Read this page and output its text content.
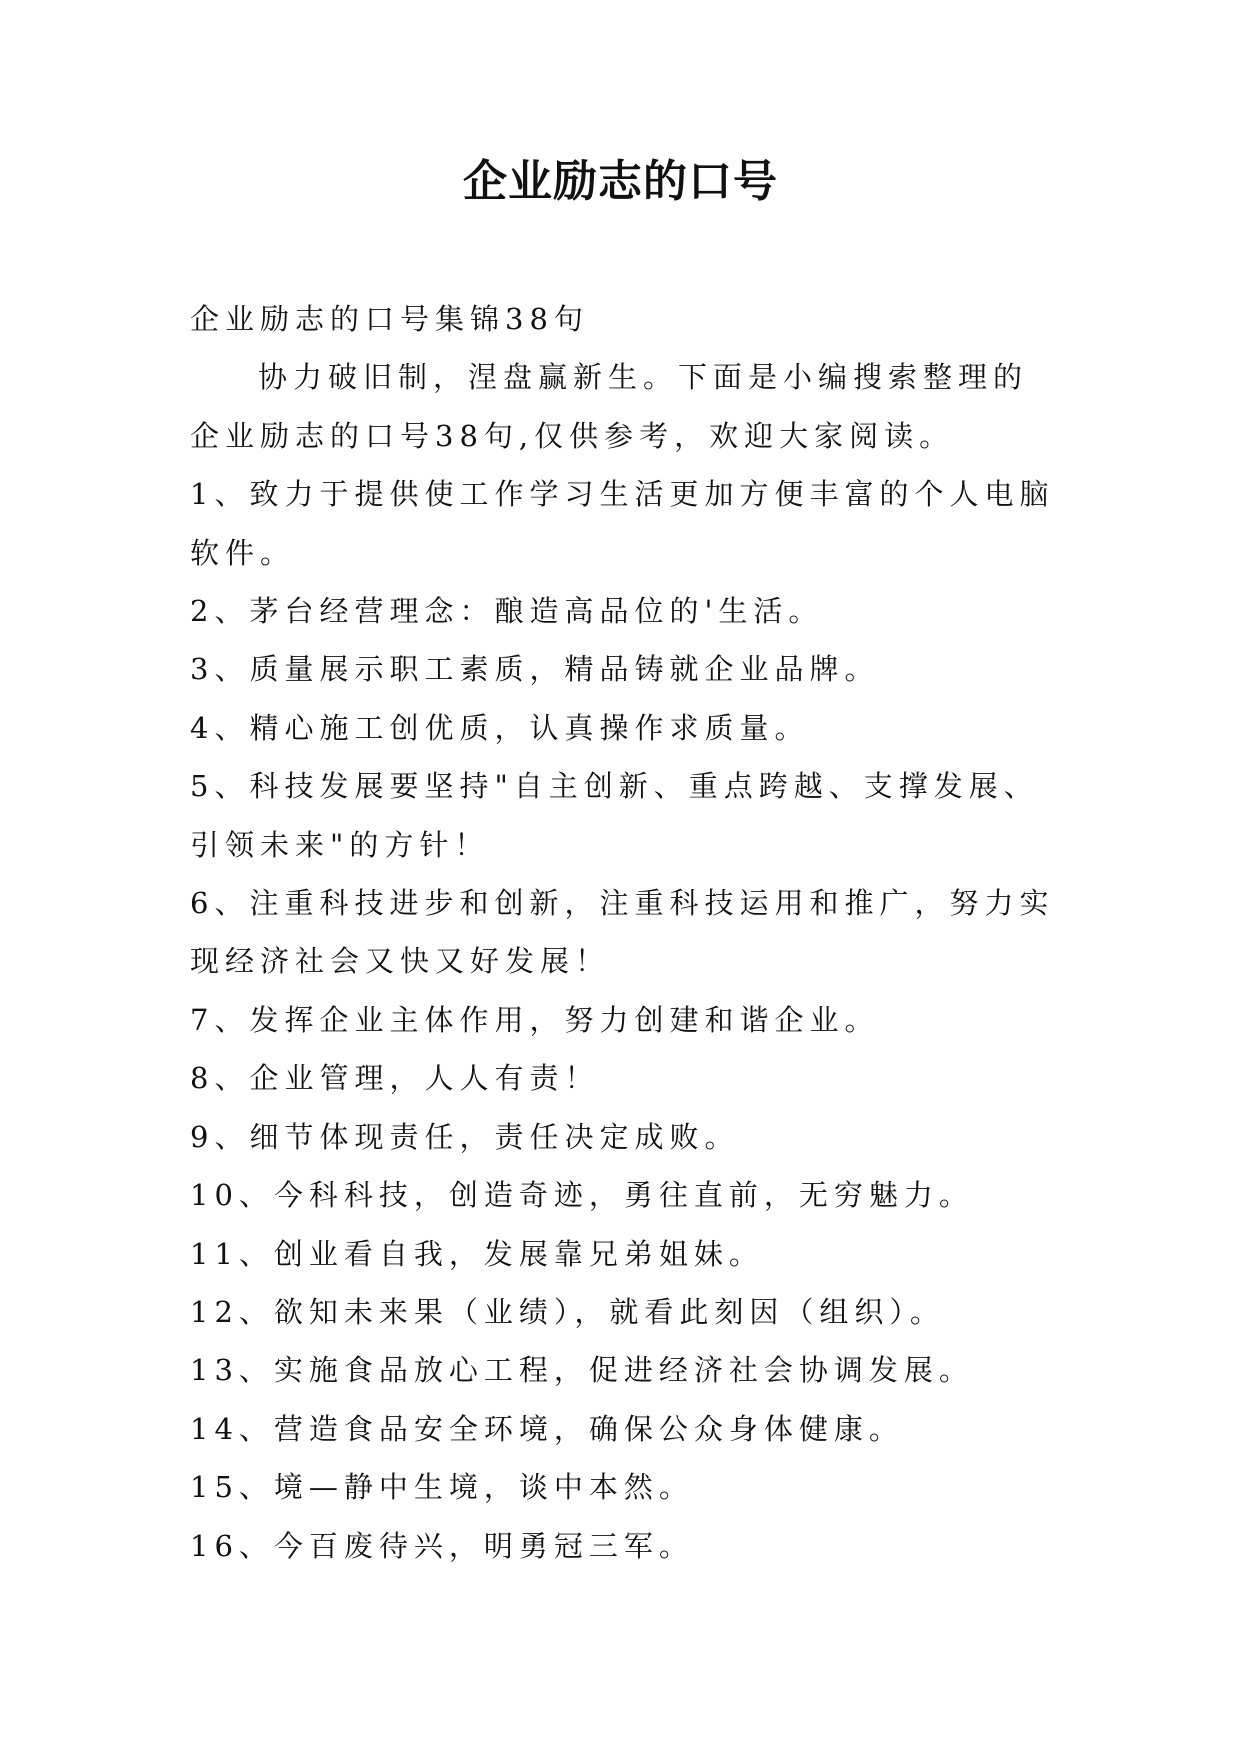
企业励志的口号

企业励志的口号集锦38句

协力破旧制，涅盘赢新生。下面是小编搜索整理的企业励志的口号38句,仅供参考，欢迎大家阅读。

1、致力于提供使工作学习生活更加方便丰富的个人电脑软件。

2、茅台经营理念：酿造高品位的'生活。

3、质量展示职工素质，精品铸就企业品牌。

4、精心施工创优质，认真操作求质量。

5、科技发展要坚持"自主创新、重点跨越、支撑发展、引领未来"的方针！

6、注重科技进步和创新，注重科技运用和推广，努力实现经济社会又快又好发展！

7、发挥企业主体作用，努力创建和谐企业。

8、企业管理，人人有责！

9、细节体现责任，责任决定成败。

10、今科科技，创造奇迹，勇往直前，无穷魅力。

11、创业看自我，发展靠兄弟姐妹。

12、欲知未来果（业绩），就看此刻因（组织）。

13、实施食品放心工程，促进经济社会协调发展。

14、营造食品安全环境，确保公众身体健康。

15、境—静中生境，谈中本然。

16、今百废待兴，明勇冠三军。
